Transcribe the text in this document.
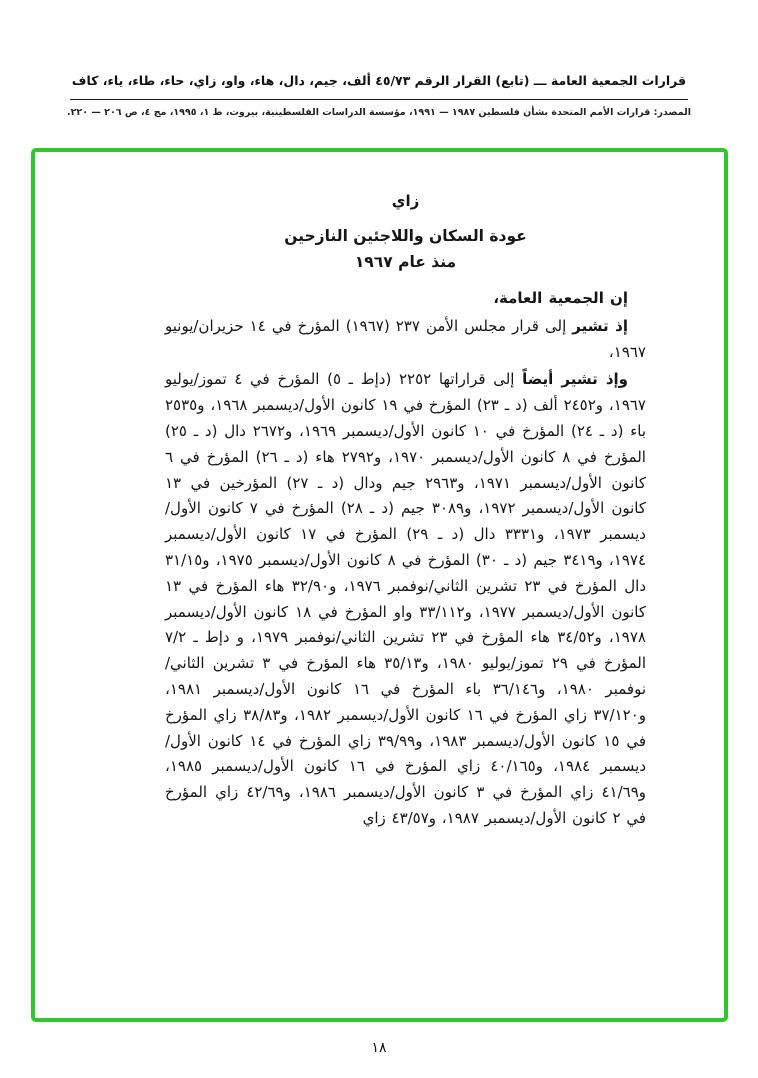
قرارات الجمعية العامة ـــ (تابع) القرار الرقم ٤٥/٧٣ ألف، جيم، دال، هاء، واو، زاي، حاء، طاء، ياء، كاف
المصدر: قرارات الأمم المتحدة بشأن فلسطين ١٩٨٧ — ١٩٩١، مؤسسة الدراسات الفلسطينية، بيروت، ط ١، ١٩٩٥، مج ٤، ص ٢٠٦ — ٢٢٠.
زاي
عودة السكان واللاجئين النازحين
منذ عام ١٩٦٧

إن الجمعية العامة،

إذ تشير إلى قرار مجلس الأمن ٢٣٧ (١٩٦٧) المؤرخ في ١٤ حزيران/يونيو ١٩٦٧،

وإذ تشير أيضاً إلى قراراتها ٢٢٥٢ (دإط ـ ٥) المؤرخ في ٤ تموز/يوليو ١٩٦٧، و٢٤٥٢ ألف (د ـ ٢٣) المؤرخ في ١٩ كانون الأول/ديسمبر ١٩٦٨، و٢٥٣٥ باء (د ـ ٢٤) المؤرخ في ١٠ كانون الأول/ديسمبر ١٩٦٩، و٢٦٧٢ دال (د ـ ٢٥) المؤرخ في ٨ كانون الأول/ديسمبر ١٩٧٠، و٢٧٩٢ هاء (د ـ ٢٦) المؤرخ في ٦ كانون الأول/ديسمبر ١٩٧١، و٢٩٦٣ جيم ودال (د ـ ٢٧) المؤرخين في ١٣ كانون الأول/ديسمبر ١٩٧٢، و٣٠٨٩ جيم (د ـ ٢٨) المؤرخ في ٧ كانون الأول/ديسمبر ١٩٧٣، و٣٣٣١ دال (د ـ ٢٩) المؤرخ في ١٧ كانون الأول/ديسمبر ١٩٧٤، و٣٤١٩ جيم (د ـ ٣٠) المؤرخ في ٨ كانون الأول/ديسمبر ١٩٧٥، و٣١/١٥ دال المؤرخ في ٢٣ تشرين الثاني/نوفمبر ١٩٧٦، و٣٢/٩٠ هاء المؤرخ في ١٣ كانون الأول/ديسمبر ١٩٧٧، و٣٣/١١٢ واو المؤرخ في ١٨ كانون الأول/ديسمبر ١٩٧٨، و٣٤/٥٢ هاء المؤرخ في ٢٣ تشرين الثاني/نوفمبر ١٩٧٩، و دإط ـ ٧/٢ المؤرخ في ٢٩ تموز/يوليو ١٩٨٠، و٣٥/١٣ هاء المؤرخ في ٣ تشرين الثاني/نوفمبر ١٩٨٠، و٣٦/١٤٦ باء المؤرخ في ١٦ كانون الأول/ديسمبر ١٩٨١، و٣٧/١٢٠ زاي المؤرخ في ١٦ كانون الأول/ديسمبر ١٩٨٢، و٣٨/٨٣ زاي المؤرخ في ١٥ كانون الأول/ديسمبر ١٩٨٣، و٣٩/٩٩ زاي المؤرخ في ١٤ كانون الأول/ديسمبر ١٩٨٤، و٤٠/١٦٥ زاي المؤرخ في ١٦ كانون الأول/ديسمبر ١٩٨٥، و٤١/٦٩ زاي المؤرخ في ٣ كانون الأول/ديسمبر ١٩٨٦، و٤٢/٦٩ زاي المؤرخ في ٢ كانون الأول/ديسمبر ١٩٨٧، و٤٣/٥٧ زاي

١٨
